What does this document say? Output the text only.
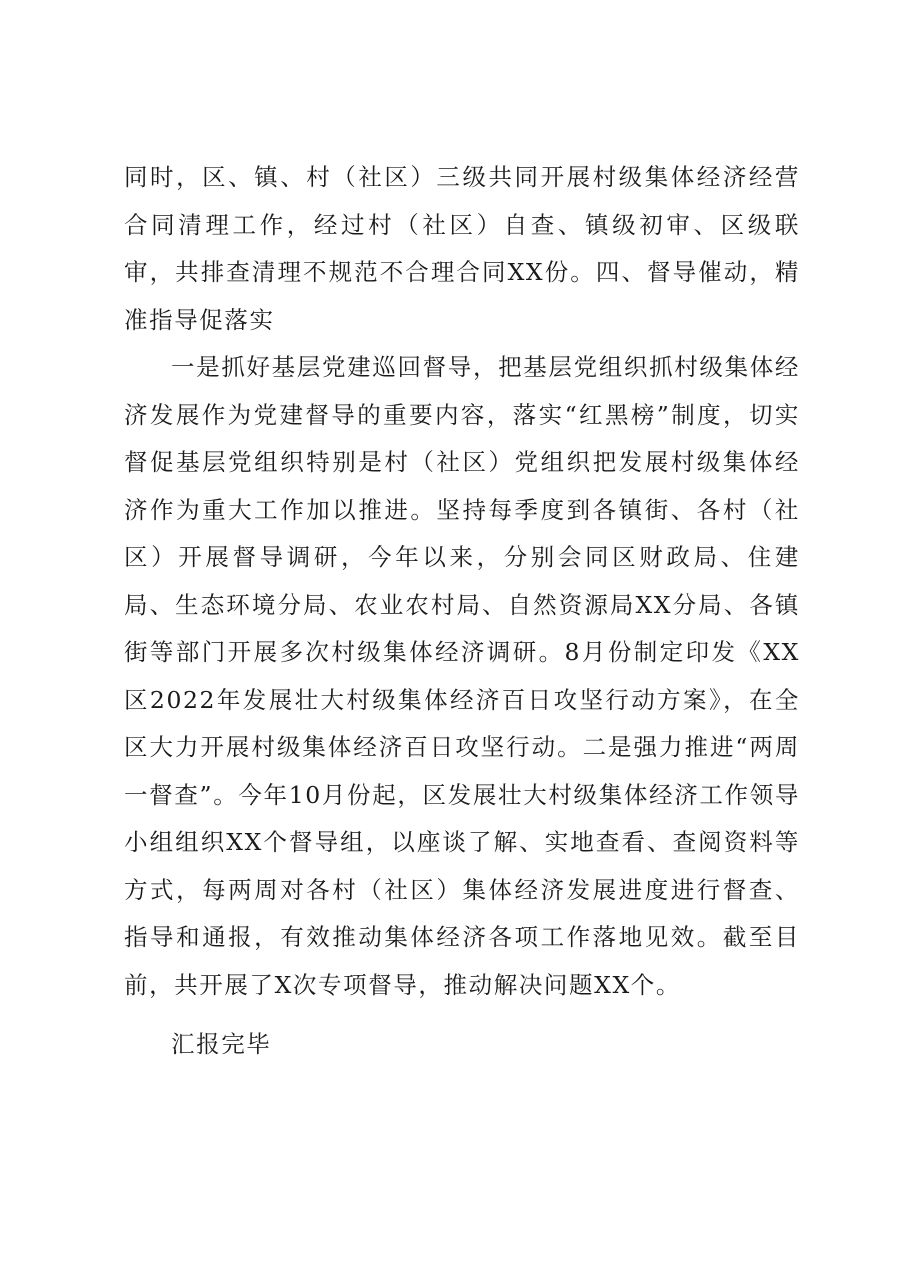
同时，区、镇、村（社区）三级共同开展村级集体经济经营合同清理工作，经过村（社区）自查、镇级初审、区级联审，共排查清理不规范不合理合同XX份。四、督导催动，精准指导促落实

一是抓好基层党建巡回督导，把基层党组织抓村级集体经济发展作为党建督导的重要内容，落实“红黑榜”制度，切实督促基层党组织特别是村（社区）党组织把发展村级集体经济作为重大工作加以推进。坚持每季度到各镇街、各村（社区）开展督导调研，今年以来，分别会同区财政局、住建局、生态环境分局、农业农村局、自然资源局XX分局、各镇街等部门开展多次村级集体经济调研。8月份制定印发《XX区2022年发展壮大村级集体经济百日攻坚行动方案》，在全区大力开展村级集体经济百日攻坚行动。二是强力推进“两周一督查”。今年10月份起，区发展壮大村级集体经济工作领导小组组织XX个督导组，以座谈了解、实地查看、查阅资料等方式，每两周对各村（社区）集体经济发展进度进行督查、指导和通报，有效推动集体经济各项工作落地见效。截至目前，共开展了X次专项督导，推动解决问题XX个。

汇报完毕
